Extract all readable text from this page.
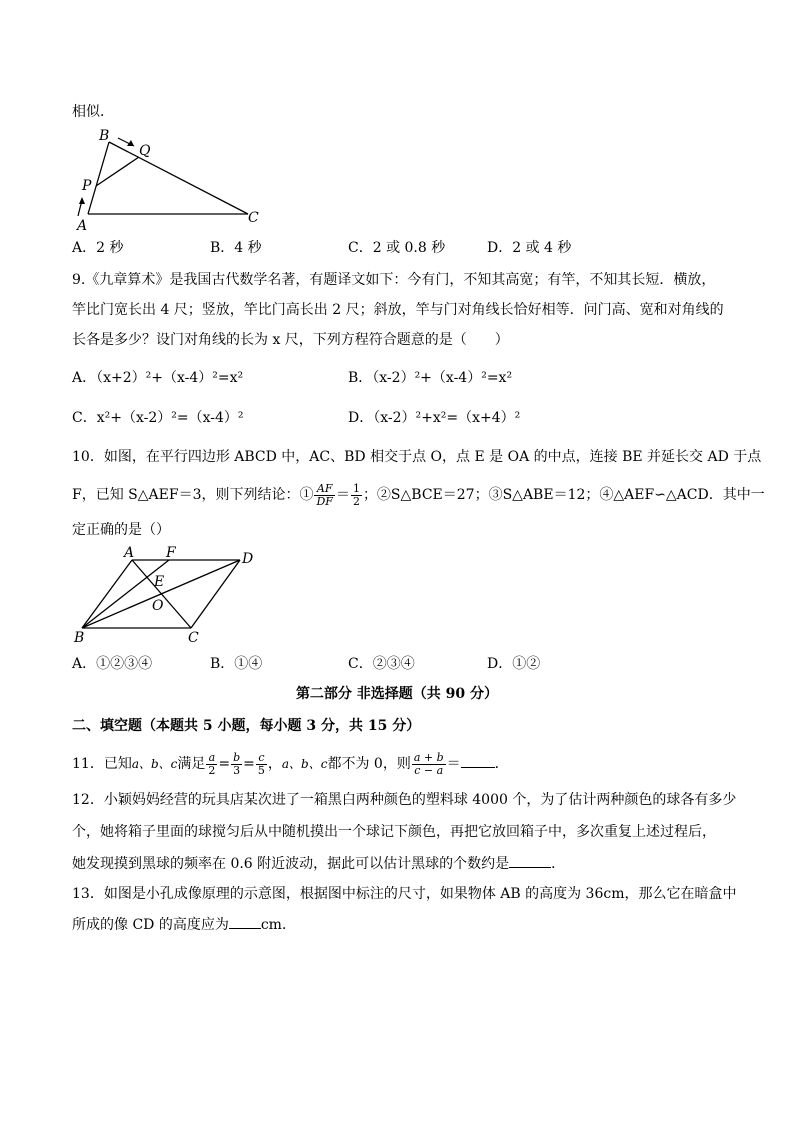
相似．
B
Q
P
A	C
A．2 秒	B．4 秒	C．2 或 0.8 秒	D．2 或 4 秒
9.《九章算术》是我国古代数学名著，有题译文如下：今有门，不知其高宽；有竿，不知其长短．横放，
竿比门宽长出 4 尺；竖放，竿比门高长出 2 尺；斜放，竿与门对角线长恰好相等．问门高、宽和对角线的
长各是多少？设门对角线的长为 x 尺，下列方程符合题意的是（　　）
A．（x+2）²+（x-4）²=x²	B．（x-2）²+（x-4）²=x²
C．x²+（x-2）²=（x-4）²	D．（x-2）²+x²=（x+4）²
10．如图，在平行四边形 ABCD 中，AC、BD 相交于点 O，点 E 是 OA 的中点，连接 BE 并延长交 AD 于点
F，已知 S△AEF＝3，则下列结论：① $\frac{AF}{DF} = \frac{1}{2}$ ；②S△BCE＝27；③S△ABE＝12；④△AEF∽△ACD．其中一
定正确的是（）
A F	D
E
O
B	C
A．①②③④	B．①④	C．②③④	D．①②
第二部分 非选择题（共 90 分）
二、填空题（本题共 5 小题，每小题 3 分，共 15 分）
11．已知a、b、c满足 $\frac{a}{2} = \frac{b}{3} = \frac{c}{5}$ ，a、b、c都不为 0，则 $\frac{a + b}{c - a}$ ＝ ．
12．小颖妈妈经营的玩具店某次进了一箱黑白两种颜色的塑料球 4000 个，为了估计两种颜色的球各有多少
个，她将箱子里面的球搅匀后从中随机摸出一个球记下颜色，再把它放回箱子中，多次重复上述过程后，
她发现摸到黑球的频率在 0.6 附近波动，据此可以估计黑球的个数约是	．
13．如图是小孔成像原理的示意图，根据图中标注的尺寸，如果物体 AB 的高度为 36cm，那么它在暗盒中
所成的像 CD 的高度应为 cm．
